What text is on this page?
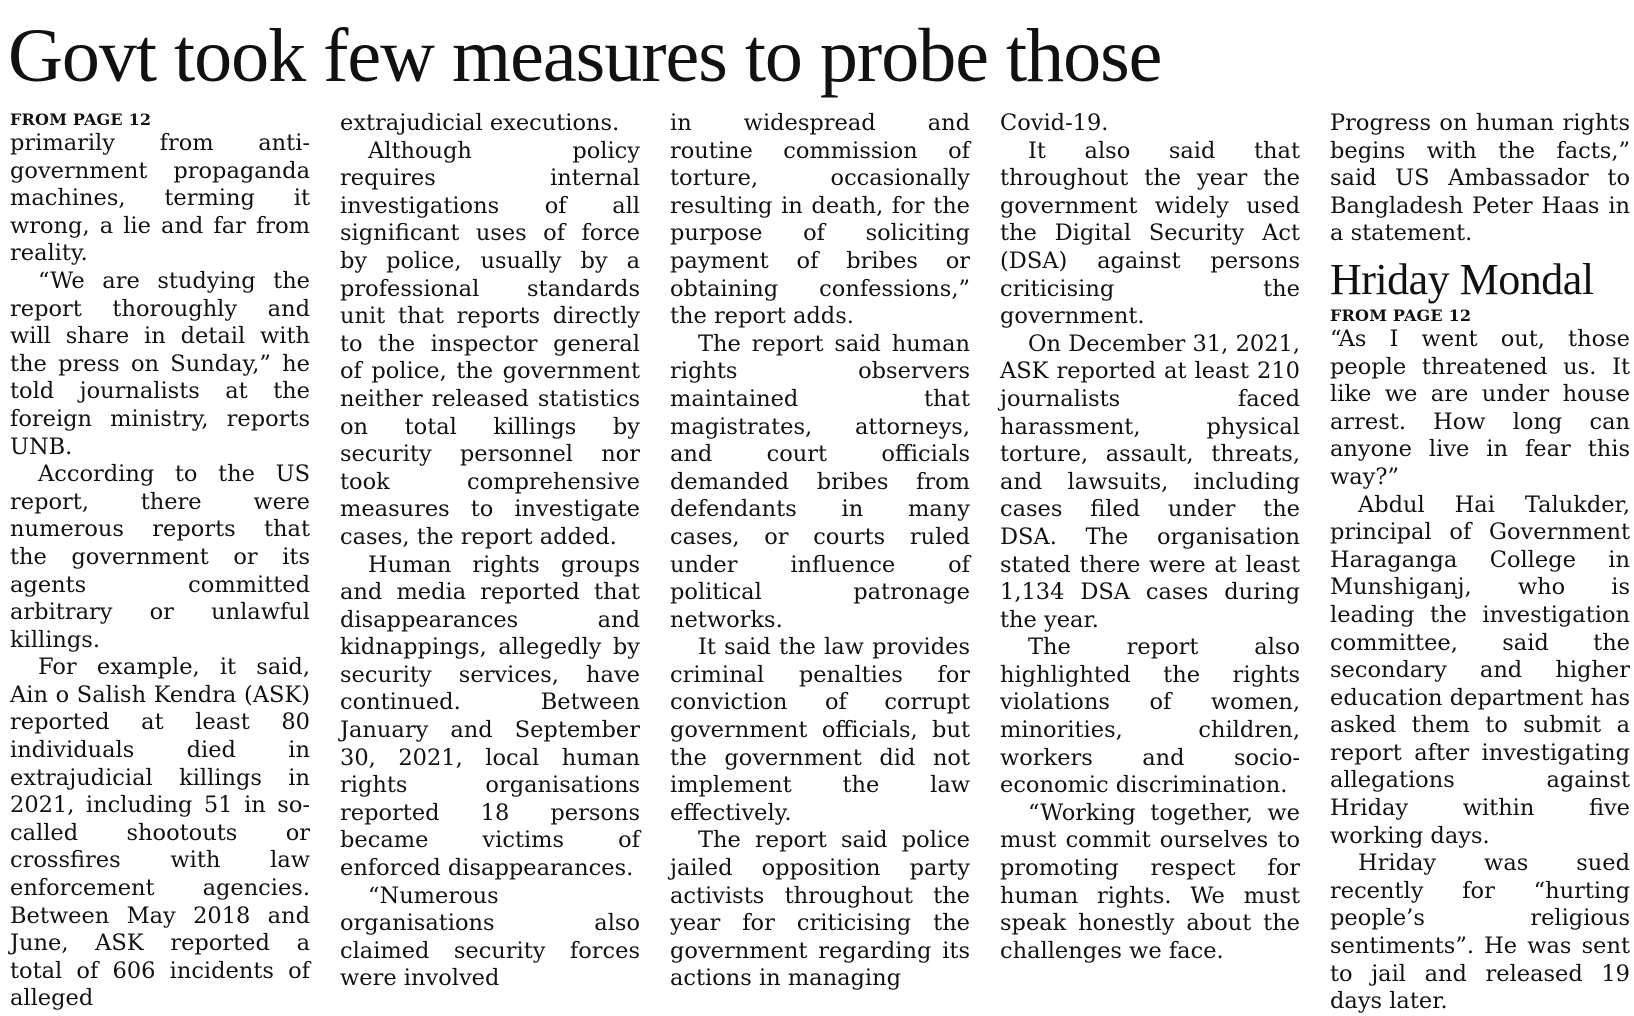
Govt took few measures to probe those
FROM PAGE 12

primarily from anti-government propaganda machines, terming it wrong, a lie and far from reality.

“We are studying the report thoroughly and will share in detail with the press on Sunday,” he told journalists at the foreign ministry, reports UNB.

According to the US report, there were numerous reports that the government or its agents committed arbitrary or unlawful killings.

For example, it said, Ain o Salish Kendra (ASK) reported at least 80 individuals died in extrajudicial killings in 2021, including 51 in so-called shootouts or crossfires with law enforcement agencies. Between May 2018 and June, ASK reported a total of 606 incidents of alleged

extrajudicial executions.

Although policy requires internal investigations of all significant uses of force by police, usually by a professional standards unit that reports directly to the inspector general of police, the government neither released statistics on total killings by security personnel nor took comprehensive measures to investigate cases, the report added.

Human rights groups and media reported that disappearances and kidnappings, allegedly by security services, have continued. Between January and September 30, 2021, local human rights organisations reported 18 persons became victims of enforced disappearances.

“Numerous organisations also claimed security forces were involved

in widespread and routine commission of torture, occasionally resulting in death, for the purpose of soliciting payment of bribes or obtaining confessions,” the report adds.

The report said human rights observers maintained that magistrates, attorneys, and court officials demanded bribes from defendants in many cases, or courts ruled under influence of political patronage networks.

It said the law provides criminal penalties for conviction of corrupt government officials, but the government did not implement the law effectively.

The report said police jailed opposition party activists throughout the year for criticising the government regarding its actions in managing

Covid-19.

It also said that throughout the year the government widely used the Digital Security Act (DSA) against persons criticising the government.

On December 31, 2021, ASK reported at least 210 journalists faced harassment, physical torture, assault, threats, and lawsuits, including cases filed under the DSA. The organisation stated there were at least 1,134 DSA cases during the year.

The report also highlighted the rights violations of women, minorities, children, workers and socio-economic discrimination.

“Working together, we must commit ourselves to promoting respect for human rights. We must speak honestly about the challenges we face.

Progress on human rights begins with the facts,” said US Ambassador to Bangladesh Peter Haas in a statement.

Hriday Mondal
FROM PAGE 12

“As I went out, those people threatened us. It like we are under house arrest. How long can anyone live in fear this way?”

Abdul Hai Talukder, principal of Government Haraganga College in Munshiganj, who is leading the investigation committee, said the secondary and higher education department has asked them to submit a report after investigating allegations against Hriday within five working days.

Hriday was sued recently for “hurting people’s religious sentiments”. He was sent to jail and released 19 days later.
